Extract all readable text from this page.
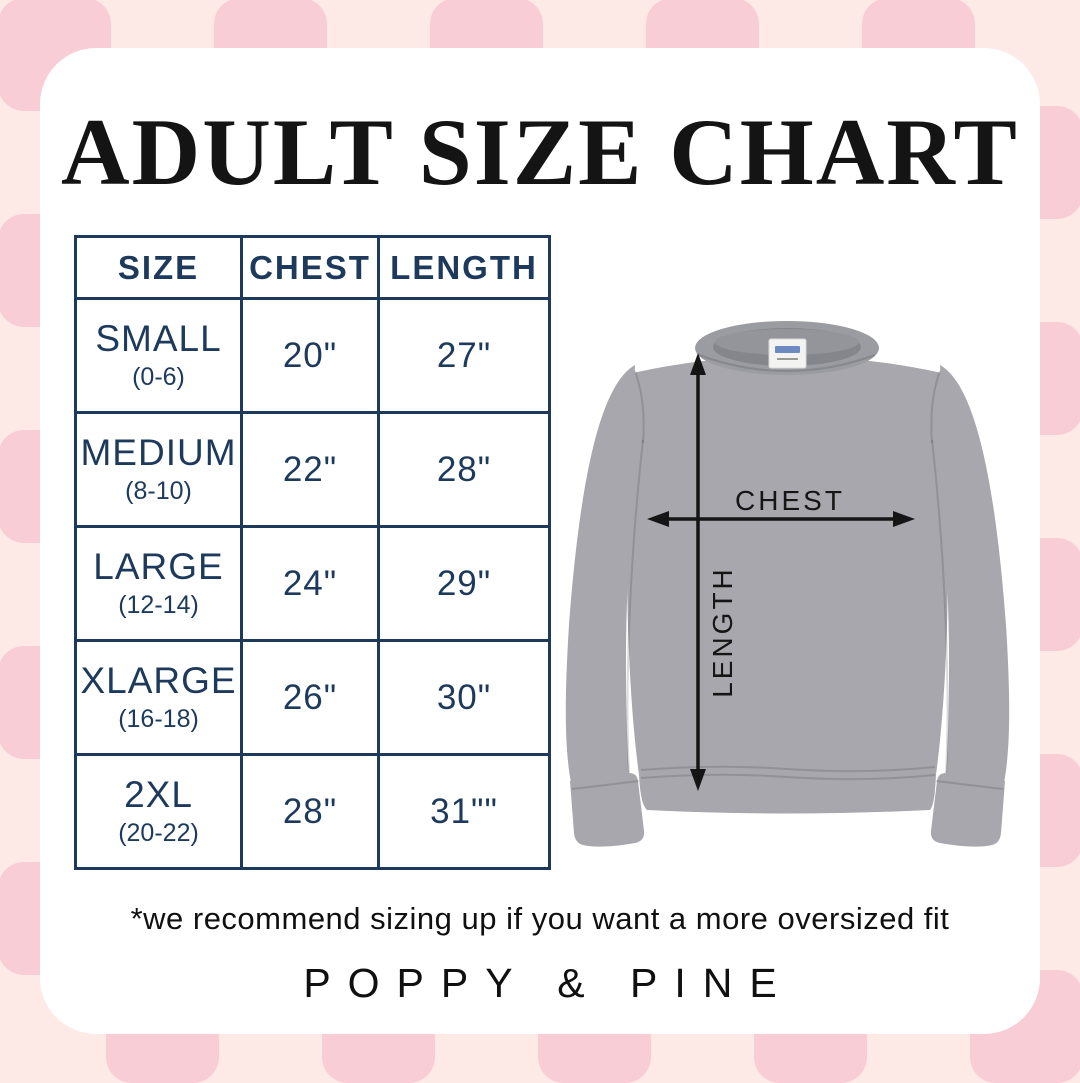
ADULT SIZE CHART
SIZE	CHEST	LENGTH

SMALL
(0-6)	20"	27"

MEDIUM
(8-10)	22"	28"

LARGE
(12-14)	24"	29"

XLARGE
(16-18)	26"	30"

2XL
(20-22)	28"	31""
CHEST
LENGTH
*we recommend sizing up if you want a more oversized fit
POPPY & PINE
